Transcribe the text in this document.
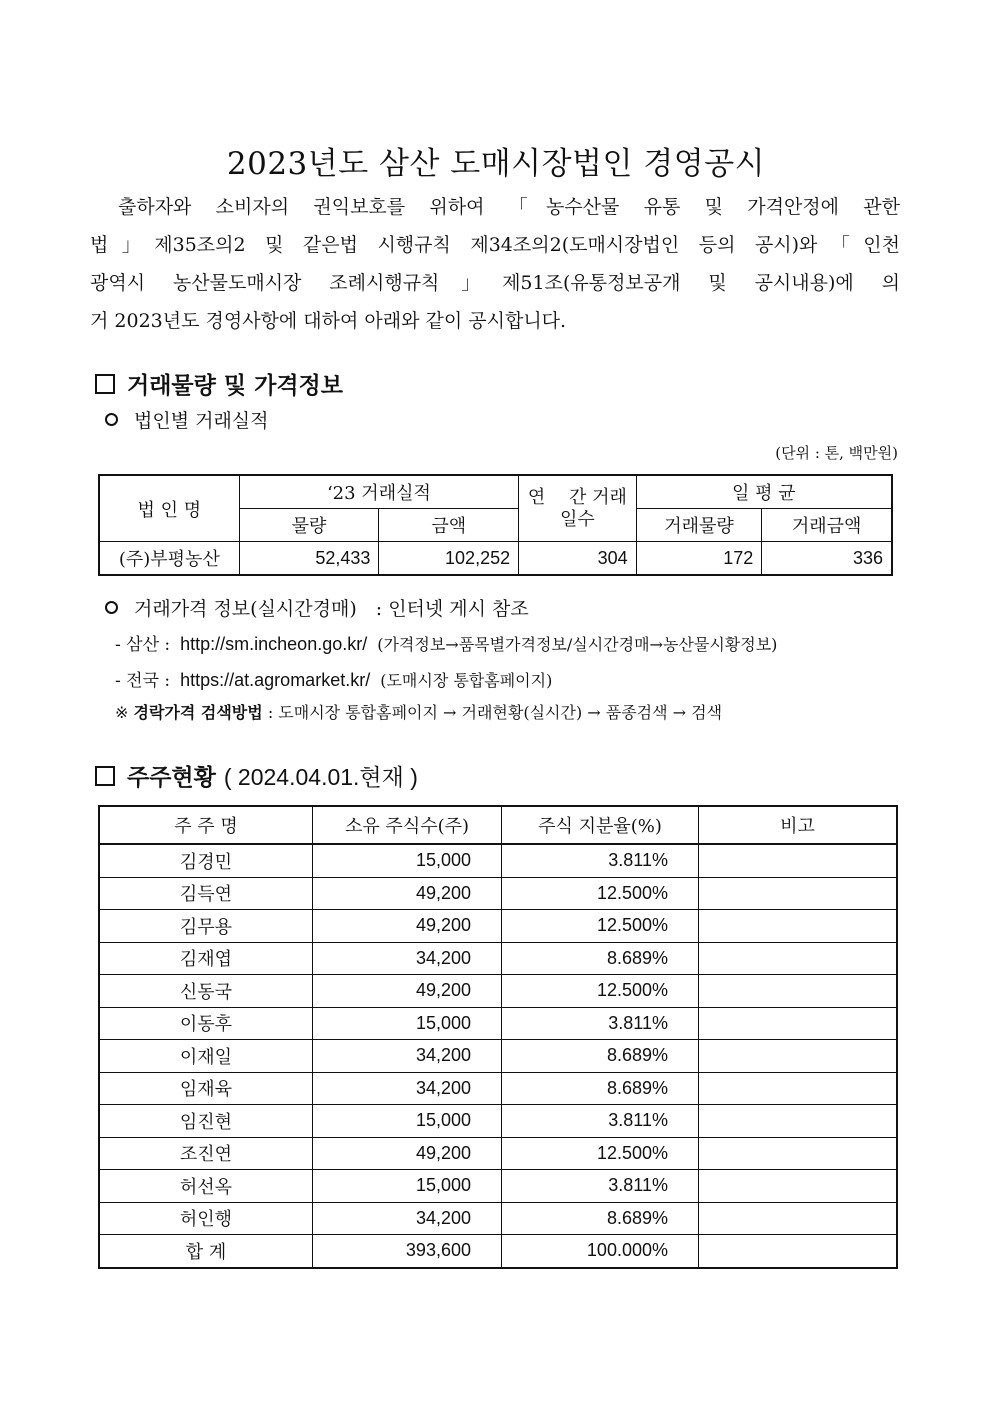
2023년도 삼산 도매시장법인 경영공시
출하자와 소비자의 권익보호를 위하여 「농수산물 유통 및 가격안정에 관한
법」제35조의2 및 같은법 시행규칙 제34조의2(도매시장법인 등의 공시)와「인천
광역시 농산물도매시장 조례시행규칙」제51조(유통정보공개 및 공시내용)에 의
거 2023년도 경영사항에 대하여 아래와 같이 공시합니다.
거래물량 및 가격정보
법인별 거래실적
(단위 : 톤, 백만원)
법 인 명	‘23 거래실적		연　 간 거래일수	일 평 균	
	물량	금액		거래물량	거래금액
(주)부평농산	52,433	102,252	304	172	336
거래가격 정보(실시간경매)　: 인터넷 게시 참조
- 삼산 : http://sm.incheon.go.kr/ (가격정보→품목별가격정보/실시간경매→농산물시황정보)
- 전국 : https://at.agromarket.kr/ (도매시장 통합홈페이지)
※ 경락가격 검색방법 : 도매시장 통합홈페이지 → 거래현황(실시간) → 품종검색 → 검색
주주현황 ( 2024.04.01.현재 )
주 주 명	소유 주식수(주)	주식 지분율(%)	비고
김경민	15,000	3.811%	
김득연	49,200	12.500%	
김무용	49,200	12.500%	
김재엽	34,200	8.689%	
신동국	49,200	12.500%	
이동후	15,000	3.811%	
이재일	34,200	8.689%	
임재육	34,200	8.689%	
임진현	15,000	3.811%	
조진연	49,200	12.500%	
허선옥	15,000	3.811%	
허인행	34,200	8.689%	
합 계	393,600	100.000%	
